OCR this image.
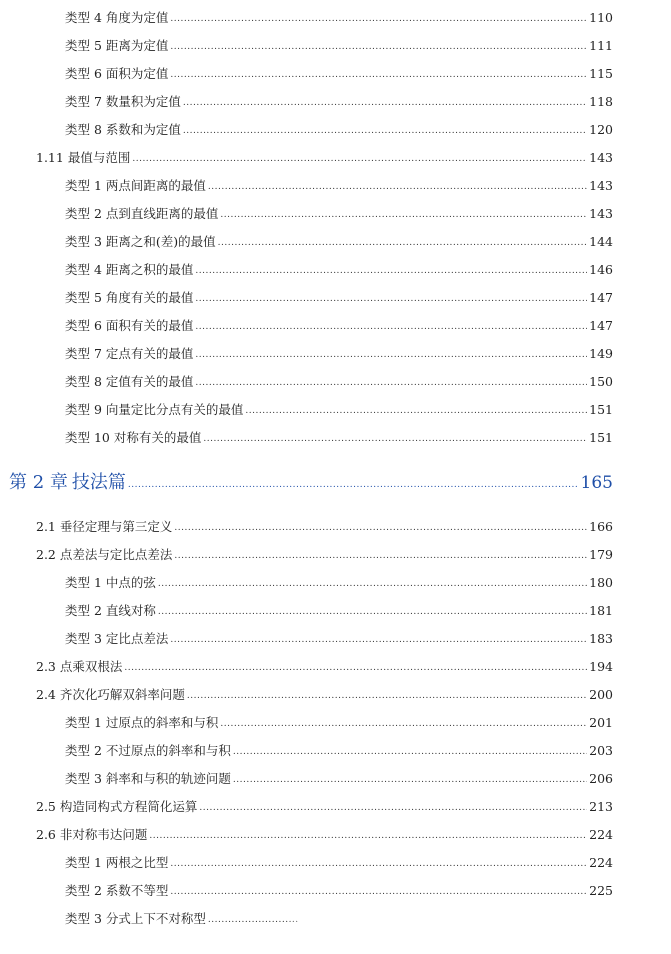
类型 4 角度为定值 .....	110
类型 5 距离为定值 .....	111
类型 6 面积为定值 .....	115
类型 7 数量积为定值 .....	118
类型 8 系数和为定值 .....	120
1.11 最值与范围 .....	143
类型 1 两点间距离的最值 .....	143
类型 2 点到直线距离的最值 .....	143
类型 3 距离之和(差)的最值 .....	144
类型 4 距离之积的最值 .....	146
类型 5 角度有关的最值 .....	147
类型 6 面积有关的最值 .....	147
类型 7 定点有关的最值 .....	149
类型 8 定值有关的最值 .....	150
类型 9 向量定比分点有关的最值 .....	151
类型 10 对称有关的最值 .....	151
第 2 章 技法篇 .....	165
2.1 垂径定理与第三定义 .....	166
2.2 点差法与定比点差法 .....	179
类型 1 中点的弦 .....	180
类型 2 直线对称 .....	181
类型 3 定比点差法 .....	183
2.3 点乘双根法 .....	194
2.4 齐次化巧解双斜率问题 .....	200
类型 1 过原点的斜率和与积 .....	201
类型 2 不过原点的斜率和与积 .....	203
类型 3 斜率和与积的轨迹问题 .....	206
2.5 构造同构式方程简化运算 .....	213
2.6 非对称韦达问题 .....	224
类型 1 两根之比型 .....	224
类型 2 系数不等型 .....	225
类型 3 分式上下不对称型
.....
